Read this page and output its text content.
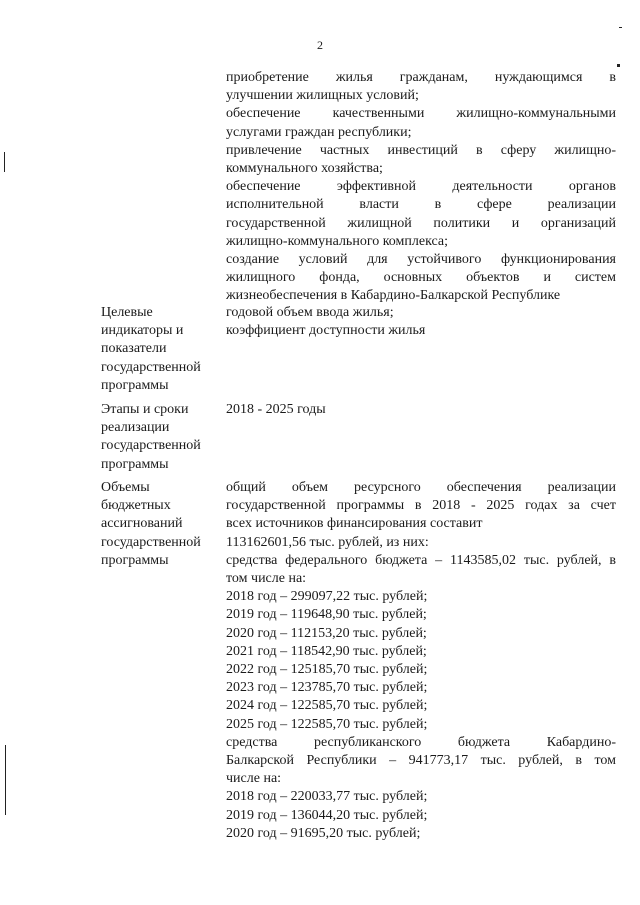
2
приобретение жилья гражданам, нуждающимся в
улучшении жилищных условий;
обеспечение качественными жилищно-коммунальными
услугами граждан республики;
привлечение частных инвестиций в сферу жилищно-
коммунального хозяйства;
обеспечение эффективной деятельности органов
исполнительной власти в сфере реализации
государственной жилищной политики и организаций
жилищно-коммунального комплекса;
создание условий для устойчивого функционирования
жилищного фонда, основных объектов и систем
жизнеобеспечения в Кабардино-Балкарской Республике
Целевые индикаторы и показатели государственной программы
годовой объем ввода жилья;
коэффициент доступности жилья
Этапы и сроки реализации государственной программы
2018 - 2025 годы
Объемы бюджетных ассигнований государственной программы
общий объем ресурсного обеспечения реализации
государственной программы в 2018 - 2025 годах за счет
всех источников финансирования составит
113162601,56 тыс. рублей, из них:
средства федерального бюджета – 1143585,02 тыс. рублей, в
том числе на:
2018 год – 299097,22 тыс. рублей;
2019 год – 119648,90 тыс. рублей;
2020 год – 112153,20 тыс. рублей;
2021 год – 118542,90 тыс. рублей;
2022 год – 125185,70 тыс. рублей;
2023 год – 123785,70 тыс. рублей;
2024 год – 122585,70 тыс. рублей;
2025 год – 122585,70 тыс. рублей;
средства республиканского бюджета Кабардино-
Балкарской Республики – 941773,17 тыс. рублей, в том
числе на:
2018 год – 220033,77 тыс. рублей;
2019 год – 136044,20 тыс. рублей;
2020 год – 91695,20 тыс. рублей;
